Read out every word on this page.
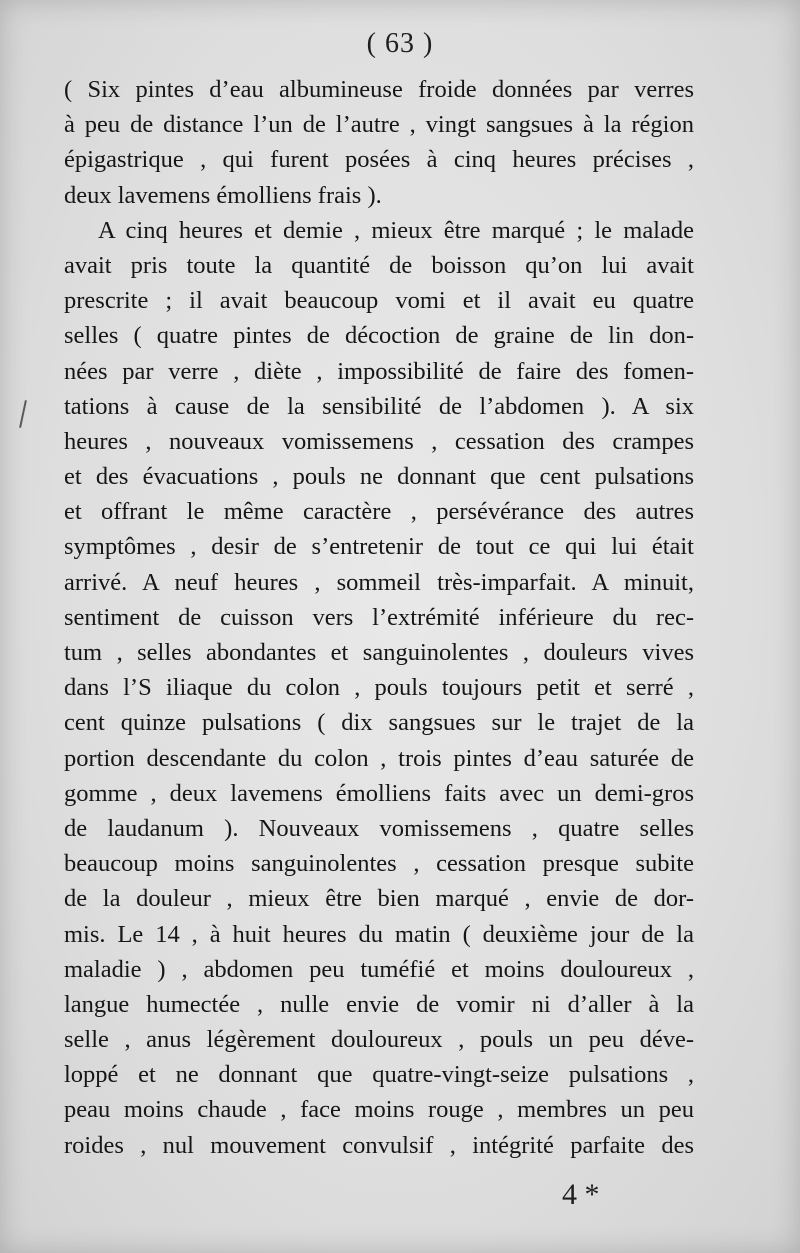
( 63 )
( Six pintes d’eau albumineuse froide données par verres
à peu de distance l’un de l’autre , vingt sangsues à la région
épigastrique , qui furent posées à cinq heures précises ,
deux lavemens émolliens frais ).
A cinq heures et demie , mieux être marqué ; le malade
avait pris toute la quantité de boisson qu’on lui avait
prescrite ; il avait beaucoup vomi et il avait eu quatre
selles ( quatre pintes de décoction de graine de lin don-
nées par verre , diète , impossibilité de faire des fomen-
tations à cause de la sensibilité de l’abdomen ). A six
heures , nouveaux vomissemens , cessation des crampes
et des évacuations , pouls ne donnant que cent pulsations
et offrant le même caractère , persévérance des autres
symptômes , desir de s’entretenir de tout ce qui lui était
arrivé. A neuf heures , sommeil très-imparfait. A minuit,
sentiment de cuisson vers l’extrémité inférieure du rec-
tum , selles abondantes et sanguinolentes , douleurs vives
dans l’S iliaque du colon , pouls toujours petit et serré ,
cent quinze pulsations ( dix sangsues sur le trajet de la
portion descendante du colon , trois pintes d’eau saturée de
gomme , deux lavemens émolliens faits avec un demi-gros
de laudanum ). Nouveaux vomissemens , quatre selles
beaucoup moins sanguinolentes , cessation presque subite
de la douleur , mieux être bien marqué , envie de dor-
mis. Le 14 , à huit heures du matin ( deuxième jour de la
maladie ) , abdomen peu tuméfié et moins douloureux ,
langue humectée , nulle envie de vomir ni d’aller à la
selle , anus légèrement douloureux , pouls un peu déve-
loppé et ne donnant que quatre-vingt-seize pulsations ,
peau moins chaude , face moins rouge , membres un peu
roides , nul mouvement convulsif , intégrité parfaite des
4 *
